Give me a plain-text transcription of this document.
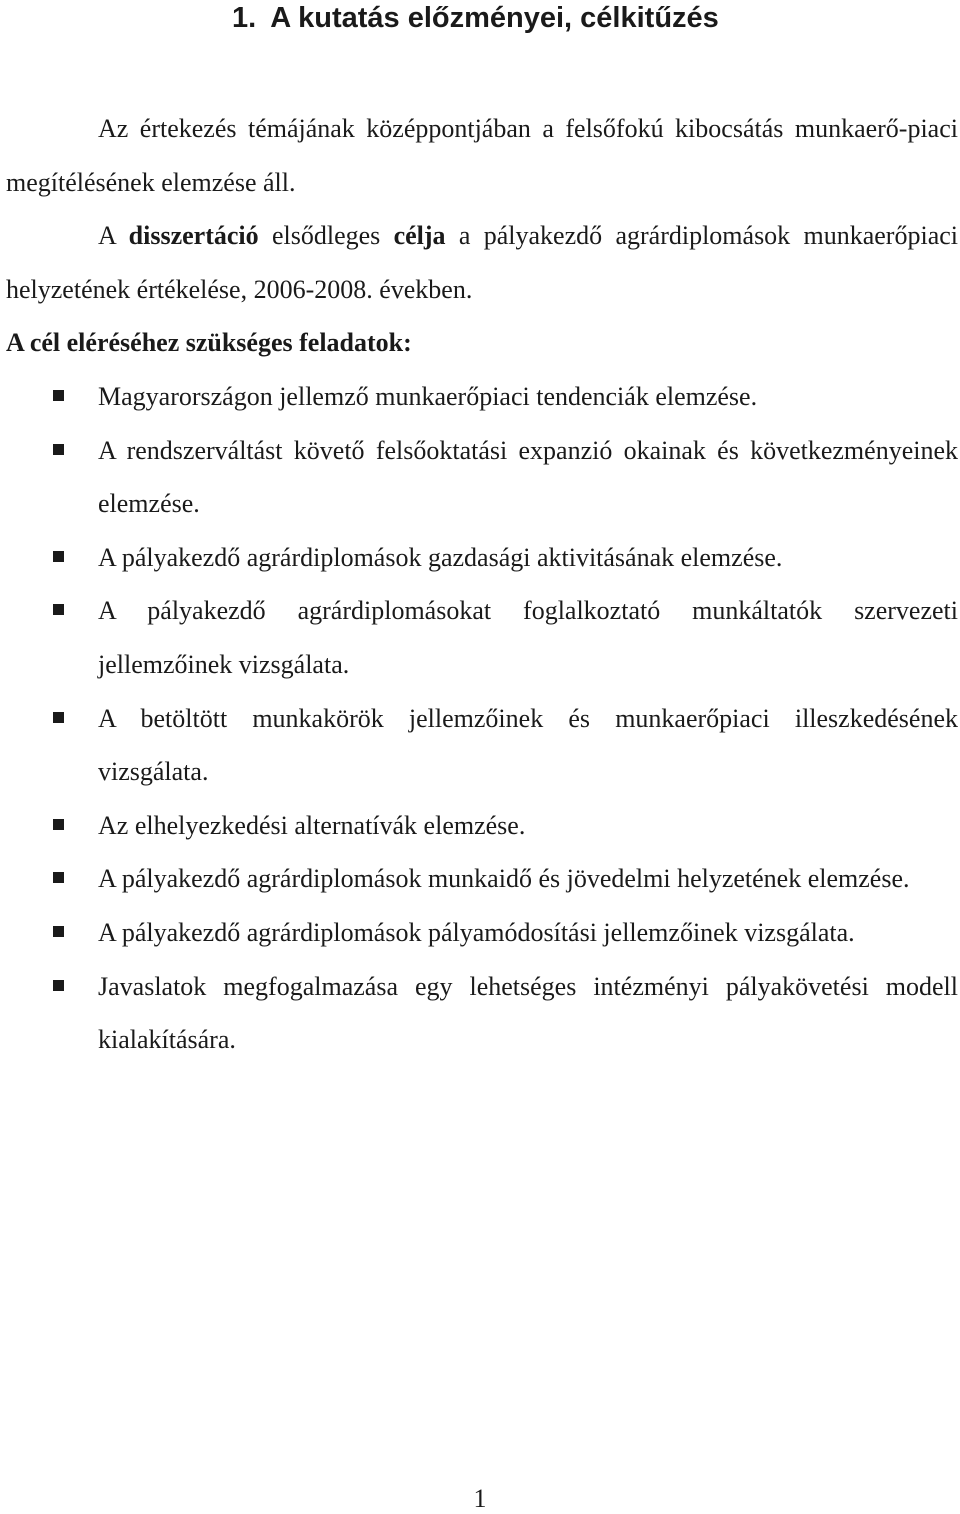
1. A kutatás előzményei, célkitűzés

Az értekezés témájának középpontjában a felsőfokú kibocsátás munkaerő-piaci megítélésének elemzése áll.

A disszertáció elsődleges célja a pályakezdő agrárdiplomások munkaerőpiaci helyzetének értékelése, 2006-2008. években.

A cél eléréséhez szükséges feladatok:

Magyarországon jellemző munkaerőpiaci tendenciák elemzése.
A rendszerváltást követő felsőoktatási expanzió okainak és következményeinek elemzése.
A pályakezdő agrárdiplomások gazdasági aktivitásának elemzése.
A pályakezdő agrárdiplomásokat foglalkoztató munkáltatók szervezeti jellemzőinek vizsgálata.
A betöltött munkakörök jellemzőinek és munkaerőpiaci illeszkedésének vizsgálata.
Az elhelyezkedési alternatívák elemzése.
A pályakezdő agrárdiplomások munkaidő és jövedelmi helyzetének elemzése.
A pályakezdő agrárdiplomások pályamódosítási jellemzőinek vizsgálata.
Javaslatok megfogalmazása egy lehetséges intézményi pályakövetési modell kialakítására.
1
